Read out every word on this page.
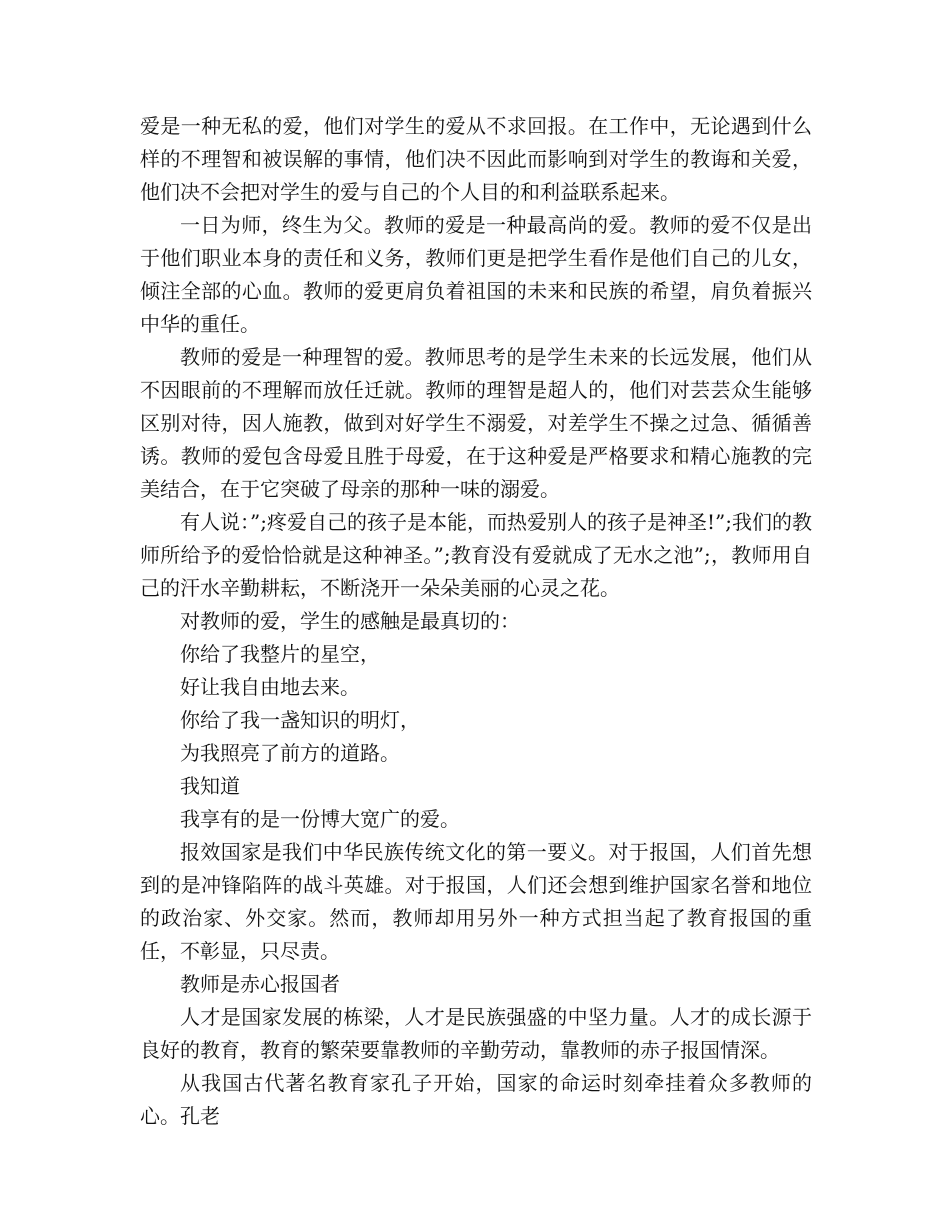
爱是一种无私的爱，他们对学生的爱从不求回报。在工作中，无论遇到什么样的不理智和被误解的事情，他们决不因此而影响到对学生的教诲和关爱，他们决不会把对学生的爱与自己的个人目的和利益联系起来。

一日为师，终生为父。教师的爱是一种最高尚的爱。教师的爱不仅是出于他们职业本身的责任和义务，教师们更是把学生看作是他们自己的儿女，倾注全部的心血。教师的爱更肩负着祖国的未来和民族的希望，肩负着振兴中华的重任。

教师的爱是一种理智的爱。教师思考的是学生未来的长远发展，他们从不因眼前的不理解而放任迁就。教师的理智是超人的，他们对芸芸众生能够区别对待，因人施教，做到对好学生不溺爱，对差学生不操之过急、循循善诱。教师的爱包含母爱且胜于母爱，在于这种爱是严格要求和精心施教的完美结合，在于它突破了母亲的那种一味的溺爱。

有人说：”;疼爱自己的孩子是本能，而热爱别人的孩子是神圣!”;我们的教师所给予的爱恰恰就是这种神圣。”;教育没有爱就成了无水之池”;，教师用自己的汗水辛勤耕耘，不断浇开一朵朵美丽的心灵之花。

对教师的爱，学生的感触是最真切的：

你给了我整片的星空，

好让我自由地去来。

你给了我一盏知识的明灯，

为我照亮了前方的道路。

我知道

我享有的是一份博大宽广的爱。

报效国家是我们中华民族传统文化的第一要义。对于报国，人们首先想到的是冲锋陷阵的战斗英雄。对于报国，人们还会想到维护国家名誉和地位的政治家、外交家。然而，教师却用另外一种方式担当起了教育报国的重任，不彰显，只尽责。

教师是赤心报国者

人才是国家发展的栋梁，人才是民族强盛的中坚力量。人才的成长源于良好的教育，教育的繁荣要靠教师的辛勤劳动，靠教师的赤子报国情深。

从我国古代著名教育家孔子开始，国家的命运时刻牵挂着众多教师的心。孔老
